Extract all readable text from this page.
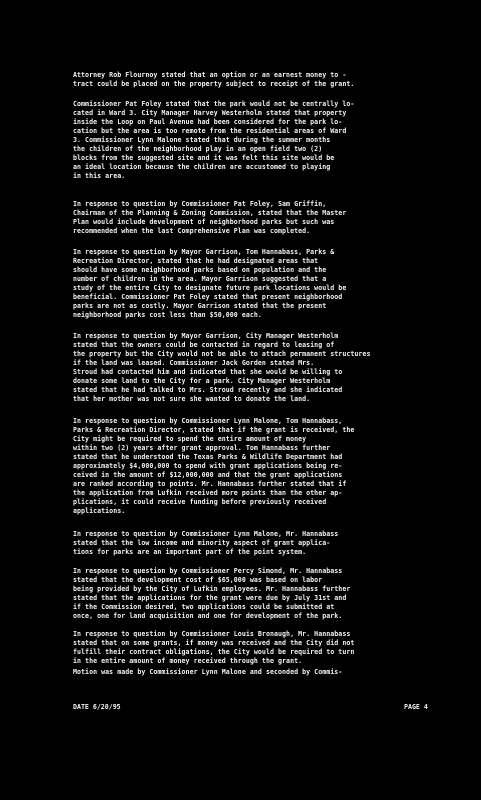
Attorney Rob Flournoy stated that an option or an earnest money to -
tract could be placed on the property subject to receipt of the grant.

Commissioner Pat Foley stated that the park would not be centrally lo-
cated in Ward 3. City Manager Harvey Westerholm stated that property
inside the Loop on Paul Avenue had been considered for the park lo-
cation but the area is too remote from the residential areas of Ward
3. Commissioner Lynn Malone stated that during the summer months
the children of the neighborhood play in an open field two (2)
blocks from the suggested site and it was felt this site would be
an ideal location because the children are accustomed to playing
in this area.

In response to question by Commissioner Pat Foley, Sam Griffin,
Chairman of the Planning & Zoning Commission, stated that the Master
Plan would include development of neighborhood parks but such was
recommended when the last Comprehensive Plan was completed.

In response to question by Mayor Garrison, Tom Hannabass, Parks &
Recreation Director, stated that he had designated areas that
should have some neighborhood parks based on population and the
number of children in the area. Mayor Garrison suggested that a
study of the entire City to designate future park locations would be
beneficial. Commissioner Pat Foley stated that present neighborhood
parks are not as costly. Mayor Garrison stated that the present
neighborhood parks cost less than $50,000 each.

In response to question by Mayor Garrison, City Manager Westerholm
stated that the owners could be contacted in regard to leasing of
the property but the City would not be able to attach permanent structures
if the land was leased. Commissioner Jack Gorden stated Mrs.
Stroud had contacted him and indicated that she would be willing to
donate some land to the City for a park. City Manager Westerholm
stated that he had talked to Mrs. Stroud recently and she indicated
that her mother was not sure she wanted to donate the land.

In response to question by Commissioner Lynn Malone, Tom Hannabass,
Parks & Recreation Director, stated that if the grant is received, the
City might be required to spend the entire amount of money
within two (2) years after grant approval. Tom Hannabass further
stated that he understood the Texas Parks & Wildlife Department had
approximately $4,000,000 to spend with grant applications being re-
ceived in the amount of $12,000,000 and that the grant applications
are ranked according to points. Mr. Hannabass further stated that if
the application from Lufkin received more points than the other ap-
plications, it could receive funding before previously received
applications.

In response to question by Commissioner Lynn Malone, Mr. Hannabass
stated that the low income and minority aspect of grant applica-
tions for parks are an important part of the point system.

In response to question by Commissioner Percy Simond, Mr. Hannabass
stated that the development cost of $65,000 was based on labor
being provided by the City of Lufkin employees. Mr. Hannabass further
stated that the applications for the grant were due by July 31st and
if the Commission desired, two applications could be submitted at
once, one for land acquisition and one for development of the park.

In response to question by Commissioner Louis Bronaugh, Mr. Hannabass
stated that on some grants, if money was received and the City did not
fulfill their contract obligations, the City would be required to turn
in the entire amount of money received through the grant.

Motion was made by Commissioner Lynn Malone and seconded by Commis-

DATE 6/20/95	PAGE 4
